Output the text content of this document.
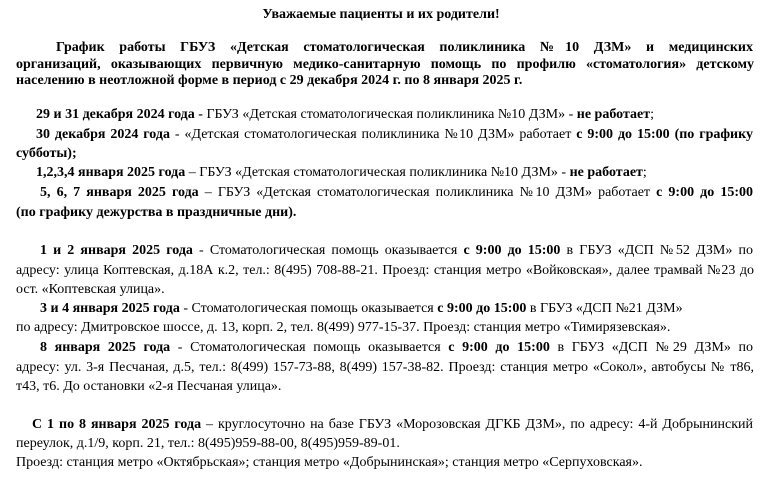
Уважаемые пациенты и их родители!
График работы ГБУЗ «Детская стоматологическая поликлиника №10 ДЗМ» и медицинских
организаций, оказывающих первичную медико-санитарную помощь по профилю «стоматология» детскому
населению в неотложной форме в период с 29 декабря 2024 г. по 8 января 2025 г.
29 и 31 декабря 2024 года - ГБУЗ «Детская стоматологическая поликлиника №10 ДЗМ» - не работает;
30 декабря 2024 года - «Детская стоматологическая поликлиника №10 ДЗМ» работает с 9:00 до 15:00 (по графику
субботы);
1,2,3,4 января 2025 года – ГБУЗ «Детская стоматологическая поликлиника №10 ДЗМ» - не работает;
5, 6, 7 января 2025 года – ГБУЗ «Детская стоматологическая поликлиника №10 ДЗМ» работает с 9:00 до 15:00
(по графику дежурства в праздничные дни).
1 и 2 января 2025 года - Стоматологическая помощь оказывается с 9:00 до 15:00 в ГБУЗ «ДСП №52 ДЗМ» по
адресу: улица Коптевская, д.18А к.2, тел.: 8(495) 708-88-21. Проезд: станция метро «Войковская», далее трамвай №23 до
ост. «Коптевская улица».
3 и 4 января 2025 года - Стоматологическая помощь оказывается с 9:00 до 15:00 в ГБУЗ «ДСП №21 ДЗМ»
по адресу: Дмитровское шоссе, д. 13, корп. 2, тел. 8(499) 977-15-37. Проезд: станция метро «Тимирязевская».
8 января 2025 года - Стоматологическая помощь оказывается с 9:00 до 15:00 в ГБУЗ «ДСП №29 ДЗМ» по
адресу: ул. 3-я Песчаная, д.5, тел.: 8(499) 157-73-88, 8(499) 157-38-82. Проезд: станция метро «Сокол», автобусы № т86,
т43, т6. До остановки «2-я Песчаная улица».
С 1 по 8 января 2025 года – круглосуточно на базе ГБУЗ «Морозовская ДГКБ ДЗМ», по адресу: 4-й Добрынинский
переулок, д.1/9, корп. 21, тел.: 8(495)959-88-00, 8(495)959-89-01.
Проезд: станция метро «Октябрьская»; станция метро «Добрынинская»; станция метро «Серпуховская».
